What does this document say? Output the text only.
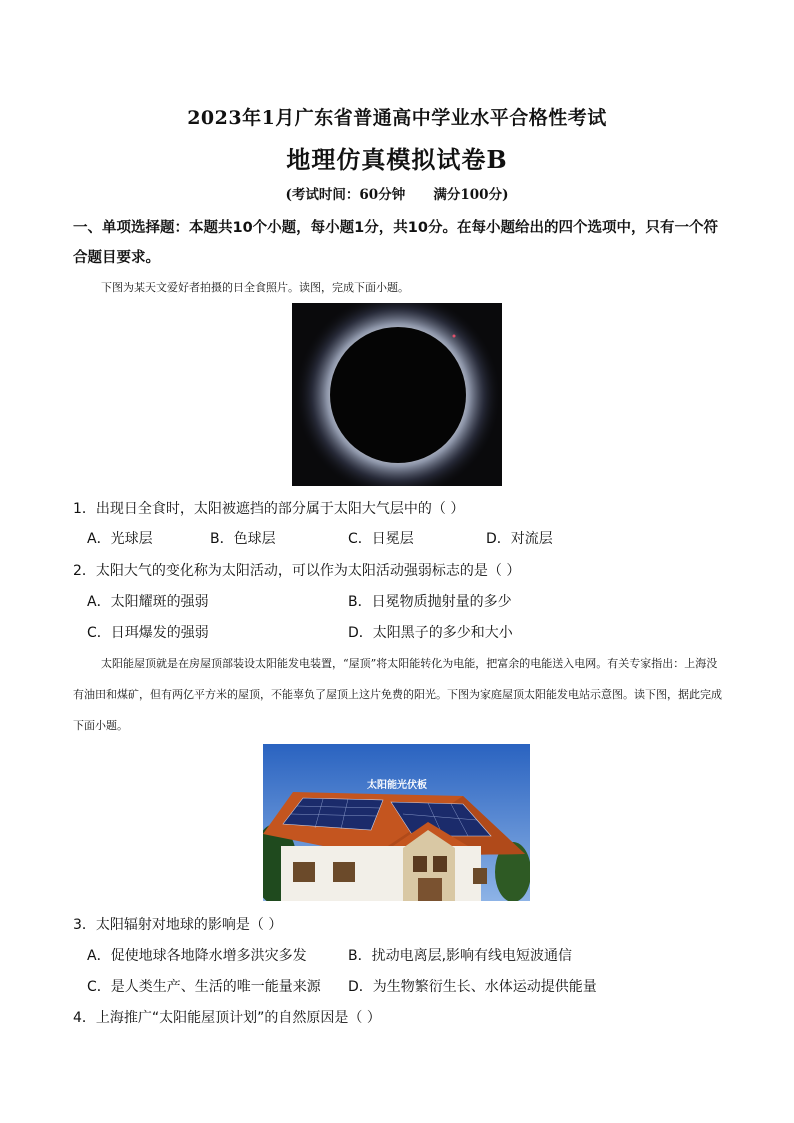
2023年1月广东省普通高中学业水平合格性考试
地理仿真模拟试卷B
(考试时间：60分钟      满分100分)
一、单项选择题：本题共10个小题，每小题1分，共10分。在每小题给出的四个选项中，只有一个符合题目要求。
下图为某天文爱好者拍摄的日全食照片。读图，完成下面小题。
1．出现日全食时，太阳被遮挡的部分属于太阳大气层中的（ ）
A．光球层	B．色球层	C．日冕层	D．对流层
2．太阳大气的变化称为太阳活动，可以作为太阳活动强弱标志的是（ ）
A．太阳耀斑的强弱	B．日冕物质抛射量的多少
C．日珥爆发的强弱	D．太阳黑子的多少和大小
太阳能屋顶就是在房屋顶部装设太阳能发电装置，“屋顶”将太阳能转化为电能，把富余的电能送入电网。有关专家指出：上海没有油田和煤矿，但有两亿平方米的屋顶，不能辜负了屋顶上这片免费的阳光。下图为家庭屋顶太阳能发电站示意图。读下图，据此完成下面小题。
太阳能光伏板
3．太阳辐射对地球的影响是（ ）
A．促使地球各地降水增多洪灾多发	B．扰动电离层,影响有线电短波通信
C．是人类生产、生活的唯一能量来源 D．为生物繁衍生长、水体运动提供能量
4．上海推广“太阳能屋顶计划”的自然原因是（ ）
